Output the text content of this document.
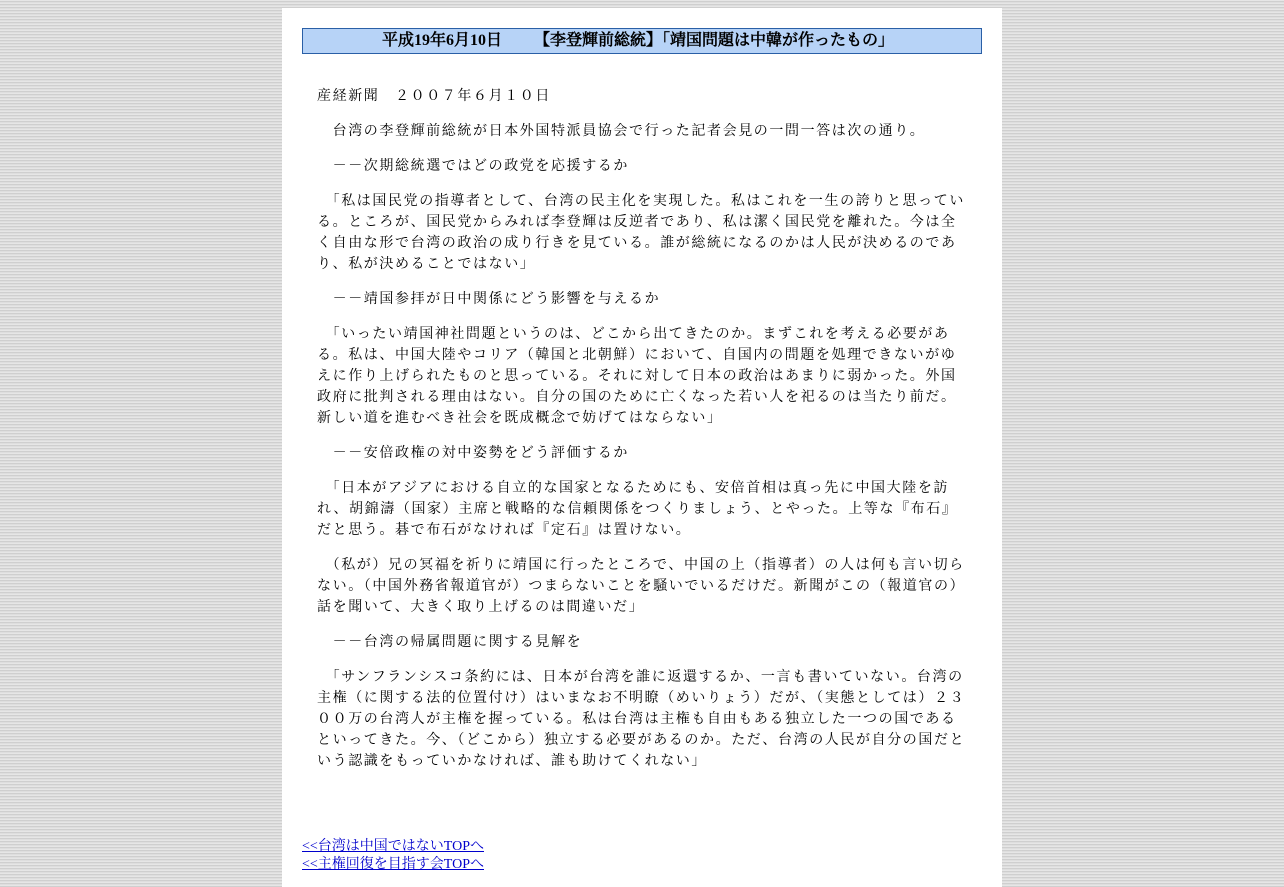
平成19年6月10日

【李登輝前総統】「靖国問題は中韓が作ったもの」

産経新聞　２００７年６月１０日

　台湾の李登輝前総統が日本外国特派員協会で行った記者会見の一問一答は次の通り。

　－－次期総統選ではどの政党を応援するか

　「私は国民党の指導者として、台湾の民主化を実現した。私はこれを一生の誇りと思っている。ところが、国民党からみれば李登輝は反逆者であり、私は潔く国民党を離れた。今は全く自由な形で台湾の政治の成り行きを見ている。誰が総統になるのかは人民が決めるのであり、私が決めることではない」

　－－靖国参拝が日中関係にどう影響を与えるか

　「いったい靖国神社問題というのは、どこから出てきたのか。まずこれを考える必要がある。私は、中国大陸やコリア（韓国と北朝鮮）において、自国内の問題を処理できないがゆえに作り上げられたものと思っている。それに対して日本の政治はあまりに弱かった。外国政府に批判される理由はない。自分の国のために亡くなった若い人を祀るのは当たり前だ。新しい道を進むべき社会を既成概念で妨げてはならない」

　－－安倍政権の対中姿勢をどう評価するか

　「日本がアジアにおける自立的な国家となるためにも、安倍首相は真っ先に中国大陸を訪れ、胡錦濤（国家）主席と戦略的な信頼関係をつくりましょう、とやった。上等な『布石』だと思う。碁で布石がなければ『定石』は置けない。

　（私が）兄の冥福を祈りに靖国に行ったところで、中国の上（指導者）の人は何も言い切らない。（中国外務省報道官が）つまらないことを騒いでいるだけだ。新聞がこの（報道官の）話を聞いて、大きく取り上げるのは間違いだ」

　－－台湾の帰属問題に関する見解を

　「サンフランシスコ条約には、日本が台湾を誰に返還するか、一言も書いていない。台湾の主権（に関する法的位置付け）はいまなお不明瞭（めいりょう）だが、（実態としては）２３００万の台湾人が主権を握っている。私は台湾は主権も自由もある独立した一つの国であるといってきた。今、（どこから）独立する必要があるのか。ただ、台湾の人民が自分の国だという認識をもっていかなければ、誰も助けてくれない」

<<台湾は中国ではないTOPへ
<<主権回復を目指す会TOPへ
